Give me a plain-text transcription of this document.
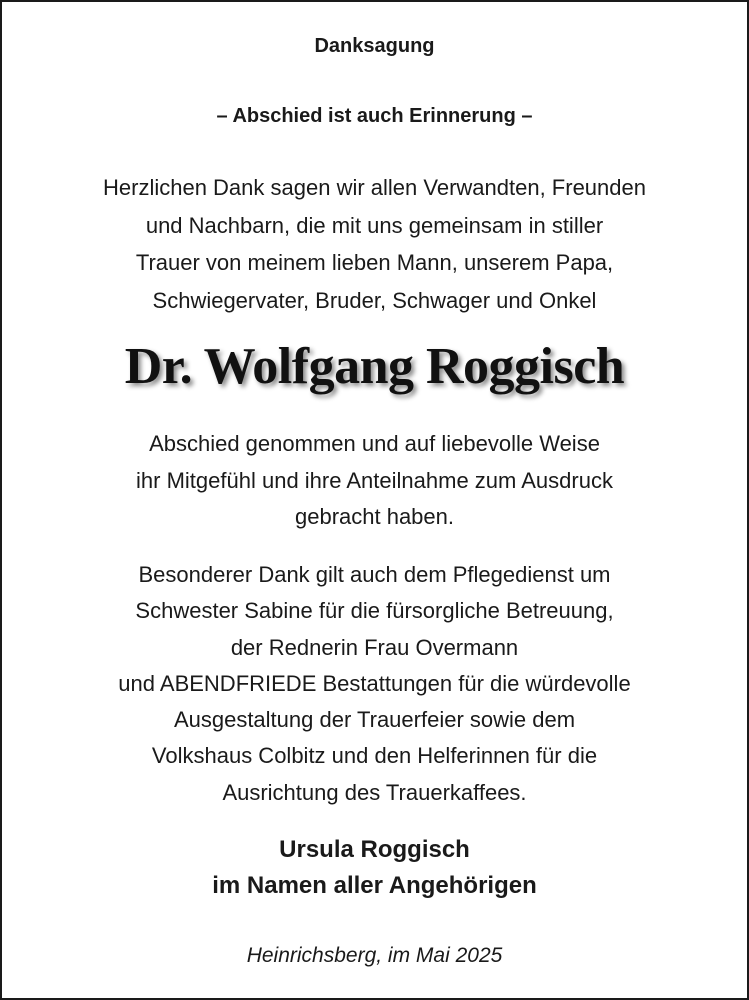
Danksagung

– Abschied ist auch Erinnerung –

Herzlichen Dank sagen wir allen Verwandten, Freunden

und Nachbarn, die mit uns gemeinsam in stiller

Trauer von meinem lieben Mann, unserem Papa,

Schwiegervater, Bruder, Schwager und Onkel

Dr. Wolfgang Roggisch

Abschied genommen und auf liebevolle Weise

ihr Mitgefühl und ihre Anteilnahme zum Ausdruck

gebracht haben.

Besonderer Dank gilt auch dem Pflegedienst um

Schwester Sabine für die fürsorgliche Betreuung,

der Rednerin Frau Overmann

und ABENDFRIEDE Bestattungen für die würdevolle

Ausgestaltung der Trauerfeier sowie dem

Volkshaus Colbitz und den Helferinnen für die

Ausrichtung des Trauerkaffees.

Ursula Roggisch

im Namen aller Angehörigen

Heinrichsberg, im Mai 2025
